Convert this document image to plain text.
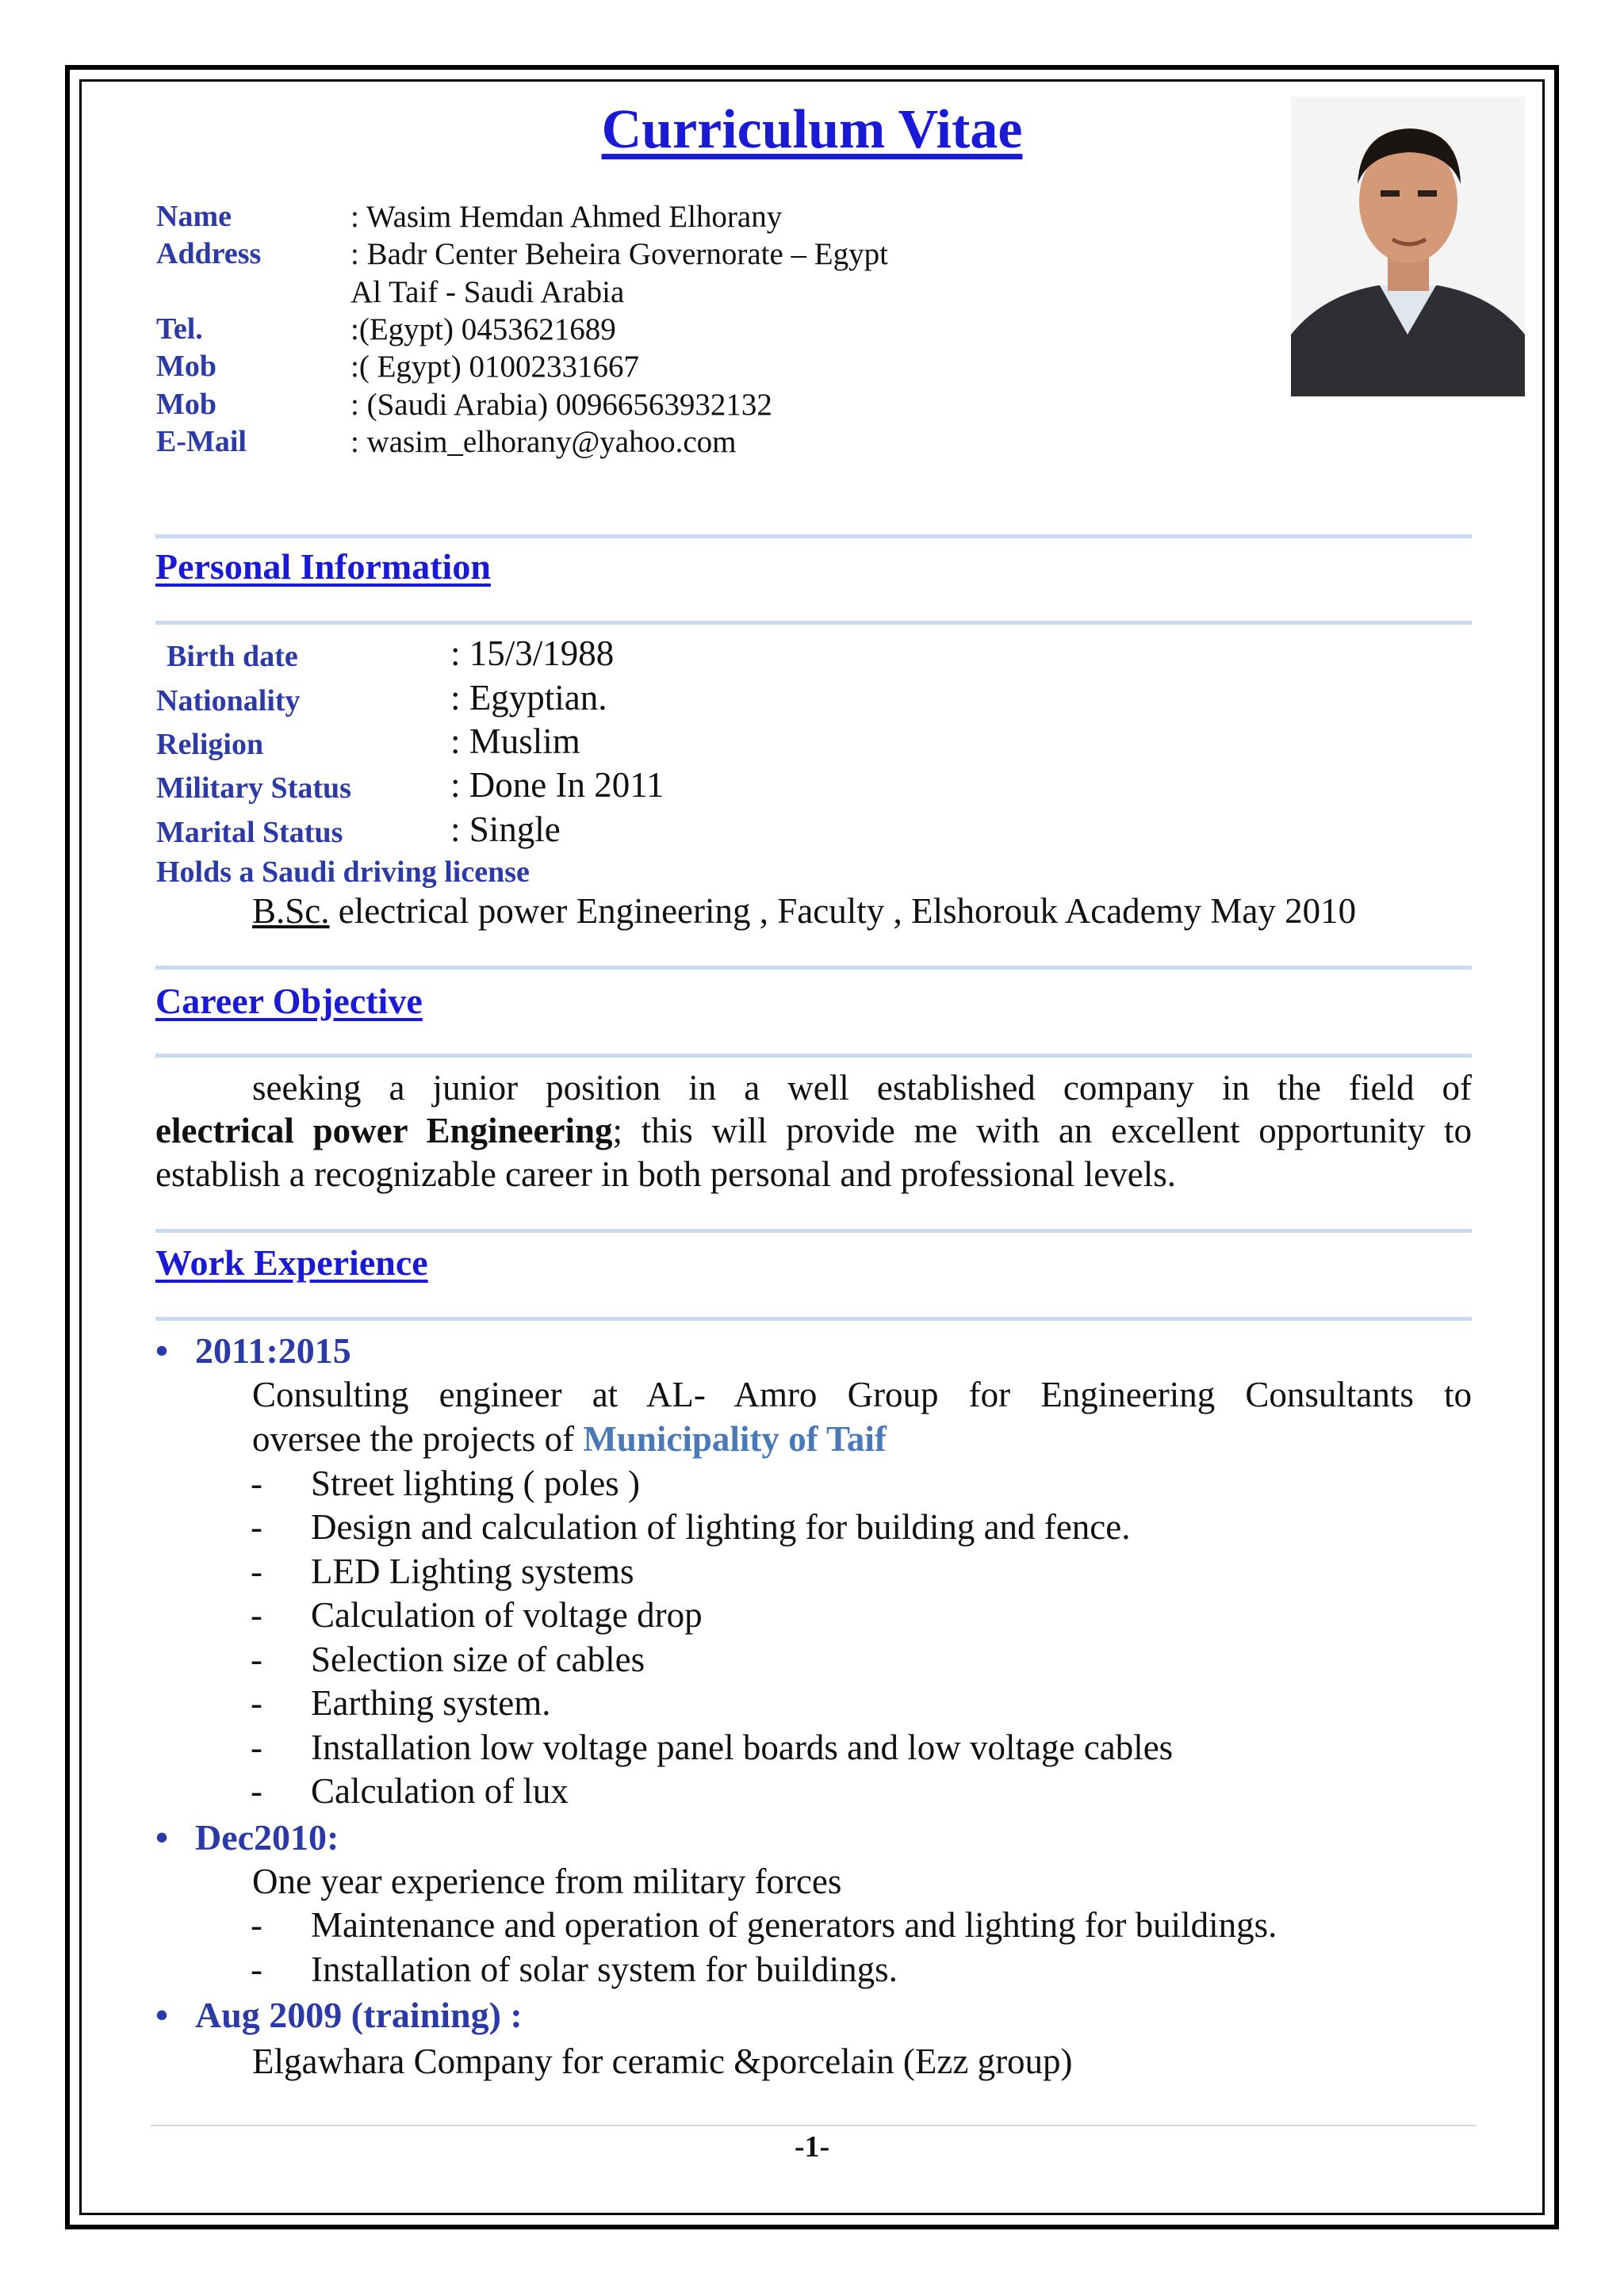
Curriculum Vitae
Name	: Wasim Hemdan Ahmed Elhorany
Address	: Badr Center Beheira Governorate – Egypt
Al Taif - Saudi Arabia
Tel.	:(Egypt) 0453621689
Mob	:( Egypt) 01002331667
Mob	: (Saudi Arabia) 00966563932132
E-Mail	: wasim_elhorany@yahoo.com
Personal Information
Birth date	: 15/3/1988
Nationality	: Egyptian.
Religion	: Muslim
Military Status	: Done In 2011
Marital Status	: Single
Holds a Saudi driving license
B.Sc. electrical power Engineering , Faculty , Elshorouk Academy May 2010
Career Objective
seeking a junior position in a well established company in the field of
electrical power Engineering; this will provide me with an excellent opportunity to
establish a recognizable career in both personal and professional levels.
Work Experience
• 2011:2015
Consulting engineer at AL- Amro Group for Engineering Consultants to
oversee the projects of Municipality of Taif
- Street lighting ( poles )
- Design and calculation of lighting for building and fence.
- LED Lighting systems
- Calculation of voltage drop
- Selection size of cables
- Earthing system.
- Installation low voltage panel boards and low voltage cables
- Calculation of lux
• Dec2010:
One year experience from military forces
- Maintenance and operation of generators and lighting for buildings.
- Installation of solar system for buildings.
• Aug 2009 (training) :
Elgawhara Company for ceramic &porcelain (Ezz group)
-1-
